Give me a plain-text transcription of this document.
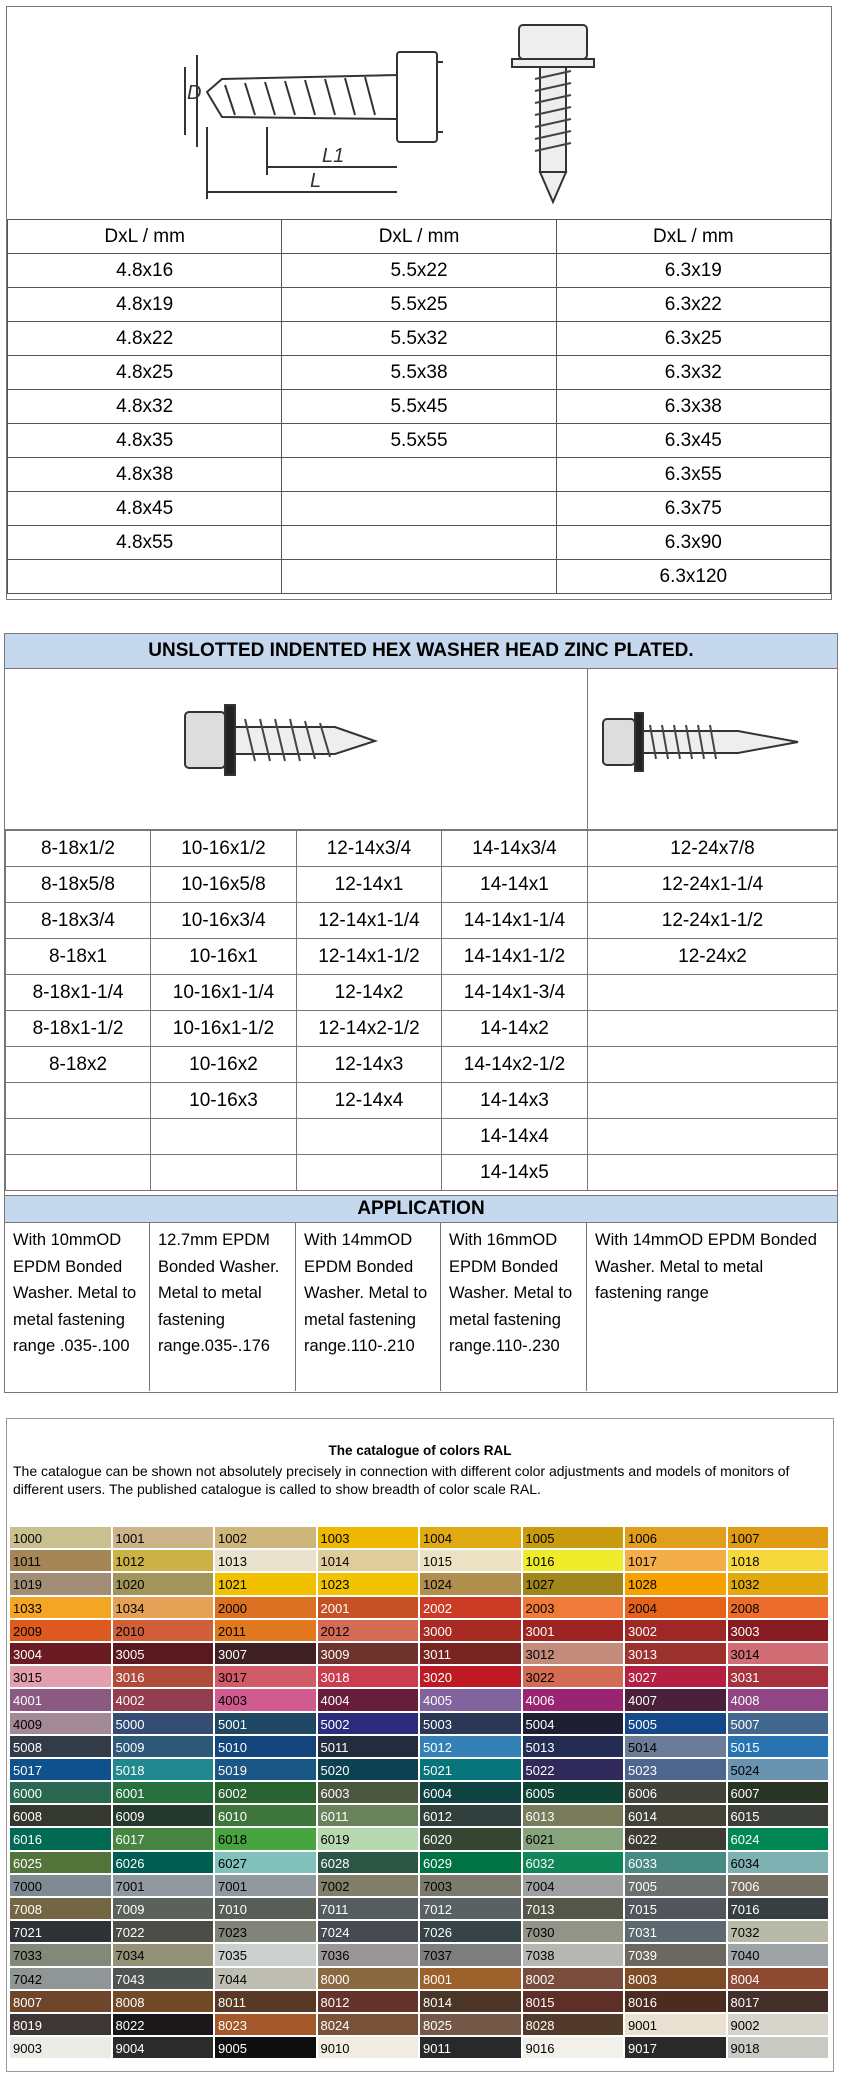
D
L1
L
DxL / mm	DxL / mm	DxL / mm
4.8x16	5.5x22	6.3x19
4.8x19	5.5x25	6.3x22
4.8x22	5.5x32	6.3x25
4.8x25	5.5x38	6.3x32
4.8x32	5.5x45	6.3x38
4.8x35	5.5x55	6.3x45
4.8x38		6.3x55
4.8x45		6.3x75
4.8x55		6.3x90
		6.3x120
UNSLOTTED INDENTED HEX WASHER HEAD ZINC PLATED.
8-18x1/2	10-16x1/2	12-14x3/4	14-14x3/4	12-24x7/8
8-18x5/8	10-16x5/8	12-14x1	14-14x1	12-24x1-1/4
8-18x3/4	10-16x3/4	12-14x1-1/4	14-14x1-1/4	12-24x1-1/2
8-18x1	10-16x1	12-14x1-1/2	14-14x1-1/2	12-24x2
8-18x1-1/4	10-16x1-1/4	12-14x2	14-14x1-3/4	
8-18x1-1/2	10-16x1-1/2	12-14x2-1/2	14-14x2	
8-18x2	10-16x2	12-14x3	14-14x2-1/2	
	10-16x3	12-14x4	14-14x3	
			14-14x4	
			14-14x5	
APPLICATION
With 10mmOD EPDM Bonded Washer. Metal to metal fastening range .035-.100
12.7mm EPDM Bonded Washer. Metal to metal fastening range.035-.176
With 14mmOD EPDM Bonded Washer. Metal to metal fastening range.110-.210
With 16mmOD EPDM Bonded Washer. Metal to metal fastening range.110-.230
With 14mmOD EPDM Bonded Washer. Metal to metal fastening range
The catalogue of colors RAL
The catalogue can be shown not absolutely precisely in connection with different color adjustments and models of monitors of different users. The published catalogue is called to show breadth of color scale RAL.
1000	1001	1002	1003	1004	1005	1006	1007
1011	1012	1013	1014	1015	1016	1017	1018
1019	1020	1021	1023	1024	1027	1028	1032
1033	1034	2000	2001	2002	2003	2004	2008
2009	2010	2011	2012	3000	3001	3002	3003
3004	3005	3007	3009	3011	3012	3013	3014
3015	3016	3017	3018	3020	3022	3027	3031
4001	4002	4003	4004	4005	4006	4007	4008
4009	5000	5001	5002	5003	5004	5005	5007
5008	5009	5010	5011	5012	5013	5014	5015
5017	5018	5019	5020	5021	5022	5023	5024
6000	6001	6002	6003	6004	6005	6006	6007
6008	6009	6010	6011	6012	6013	6014	6015
6016	6017	6018	6019	6020	6021	6022	6024
6025	6026	6027	6028	6029	6032	6033	6034
7000	7001	7001	7002	7003	7004	7005	7006
7008	7009	7010	7011	7012	7013	7015	7016
7021	7022	7023	7024	7026	7030	7031	7032
7033	7034	7035	7036	7037	7038	7039	7040
7042	7043	7044	8000	8001	8002	8003	8004
8007	8008	8011	8012	8014	8015	8016	8017
8019	8022	8023	8024	8025	8028	9001	9002
9003	9004	9005	9010	9011	9016	9017	9018
